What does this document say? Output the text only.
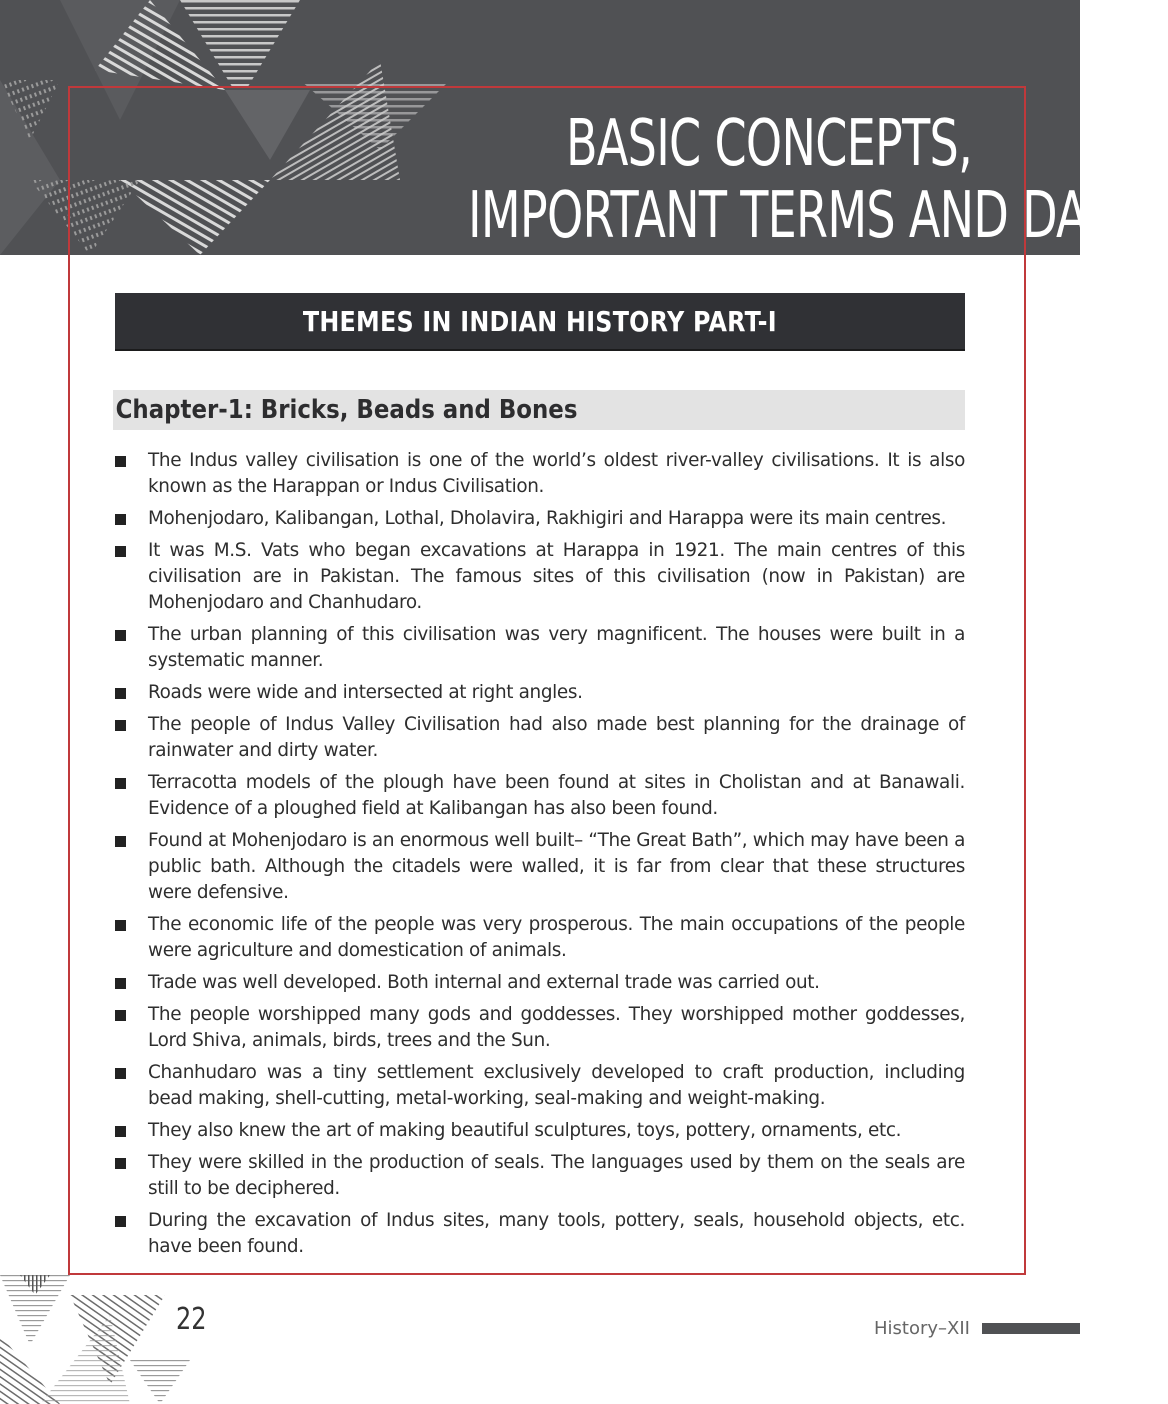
BASIC CONCEPTS,
IMPORTANT TERMS AND DATES
THEMES IN INDIAN HISTORY PART-I
Chapter-1: Bricks, Beads and Bones
The Indus valley civilisation is one of the world’s oldest river-valley civilisations. It is also known as the Harappan or Indus Civilisation.
Mohenjodaro, Kalibangan, Lothal, Dholavira, Rakhigiri and Harappa were its main centres.
It was M.S. Vats who began excavations at Harappa in 1921. The main centres of this civilisation are in Pakistan. The famous sites of this civilisation (now in Pakistan) are Mohenjodaro and Chanhudaro.
The urban planning of this civilisation was very magnificent. The houses were built in a systematic manner.
Roads were wide and intersected at right angles.
The people of Indus Valley Civilisation had also made best planning for the drainage of rainwater and dirty water.
Terracotta models of the plough have been found at sites in Cholistan and at Banawali. Evidence of a ploughed field at Kalibangan has also been found.
Found at Mohenjodaro is an enormous well built– “The Great Bath”, which may have been a public bath. Although the citadels were walled, it is far from clear that these structures were defensive.
The economic life of the people was very prosperous. The main occupations of the people were agriculture and domestication of animals.
Trade was well developed. Both internal and external trade was carried out.
The people worshipped many gods and goddesses. They worshipped mother goddesses, Lord Shiva, animals, birds, trees and the Sun.
Chanhudaro was a tiny settlement exclusively developed to craft production, including bead making, shell-cutting, metal-working, seal-making and weight-making.
They also knew the art of making beautiful sculptures, toys, pottery, ornaments, etc.
They were skilled in the production of seals. The languages used by them on the seals are still to be deciphered.
During the excavation of Indus sites, many tools, pottery, seals, household objects, etc. have been found.
22	History–XII
